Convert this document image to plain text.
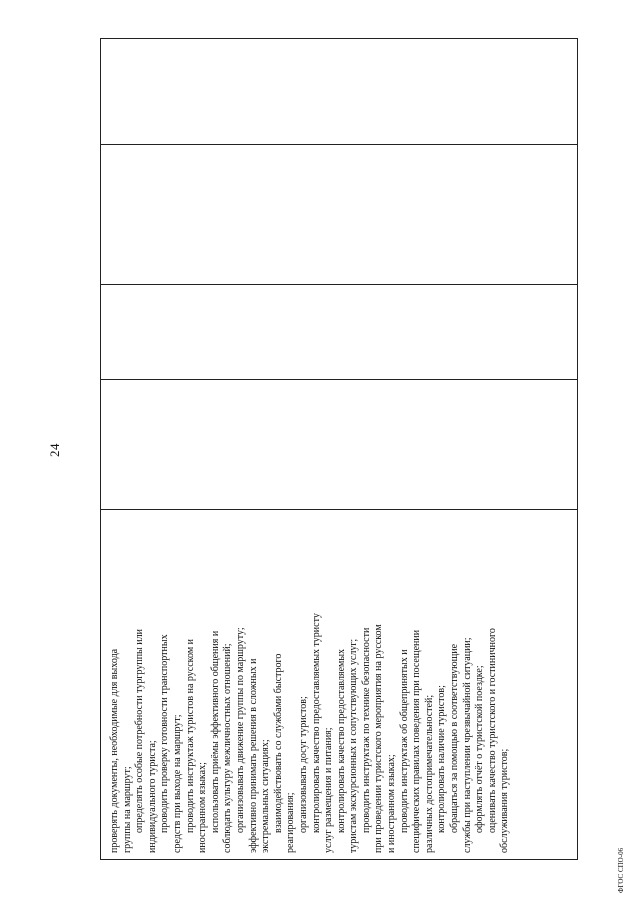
24
проверять документы, необходимые для выхода группы на маршрут; определять особые потребности тургруппы или индивидуального туриста; проводить проверку готовности транспортных средств при выходе на маршрут; проводить инструктаж туристов на русском и иностранном языках; использовать приёмы эффективного общения и соблюдать культуру межличностных отношений; организовывать движение группы по маршруту; эффективно принимать решения в сложных и экстремальных ситуациях; взаимодействовать со службами быстрого реагирования; организовывать досуг туристов; контролировать качество предоставляемых туристу услуг размещения и питания; контролировать качество предоставляемых туристам экскурсионных и сопутствующих услуг; проводить инструктаж по технике безопасности при проведении туристского мероприятия на русском и иностранном языках; проводить инструктаж об общепринятых и специфических правилах поведения при посещении различных достопримечательностей; контролировать наличие туристов; обращаться за помощью в соответствующие службы при наступлении чрезвычайной ситуации; оформлять отчёт о туристской поездке; оценивать качество туристского и гостиничного обслуживания туристов;
ФГОС СПО-06
